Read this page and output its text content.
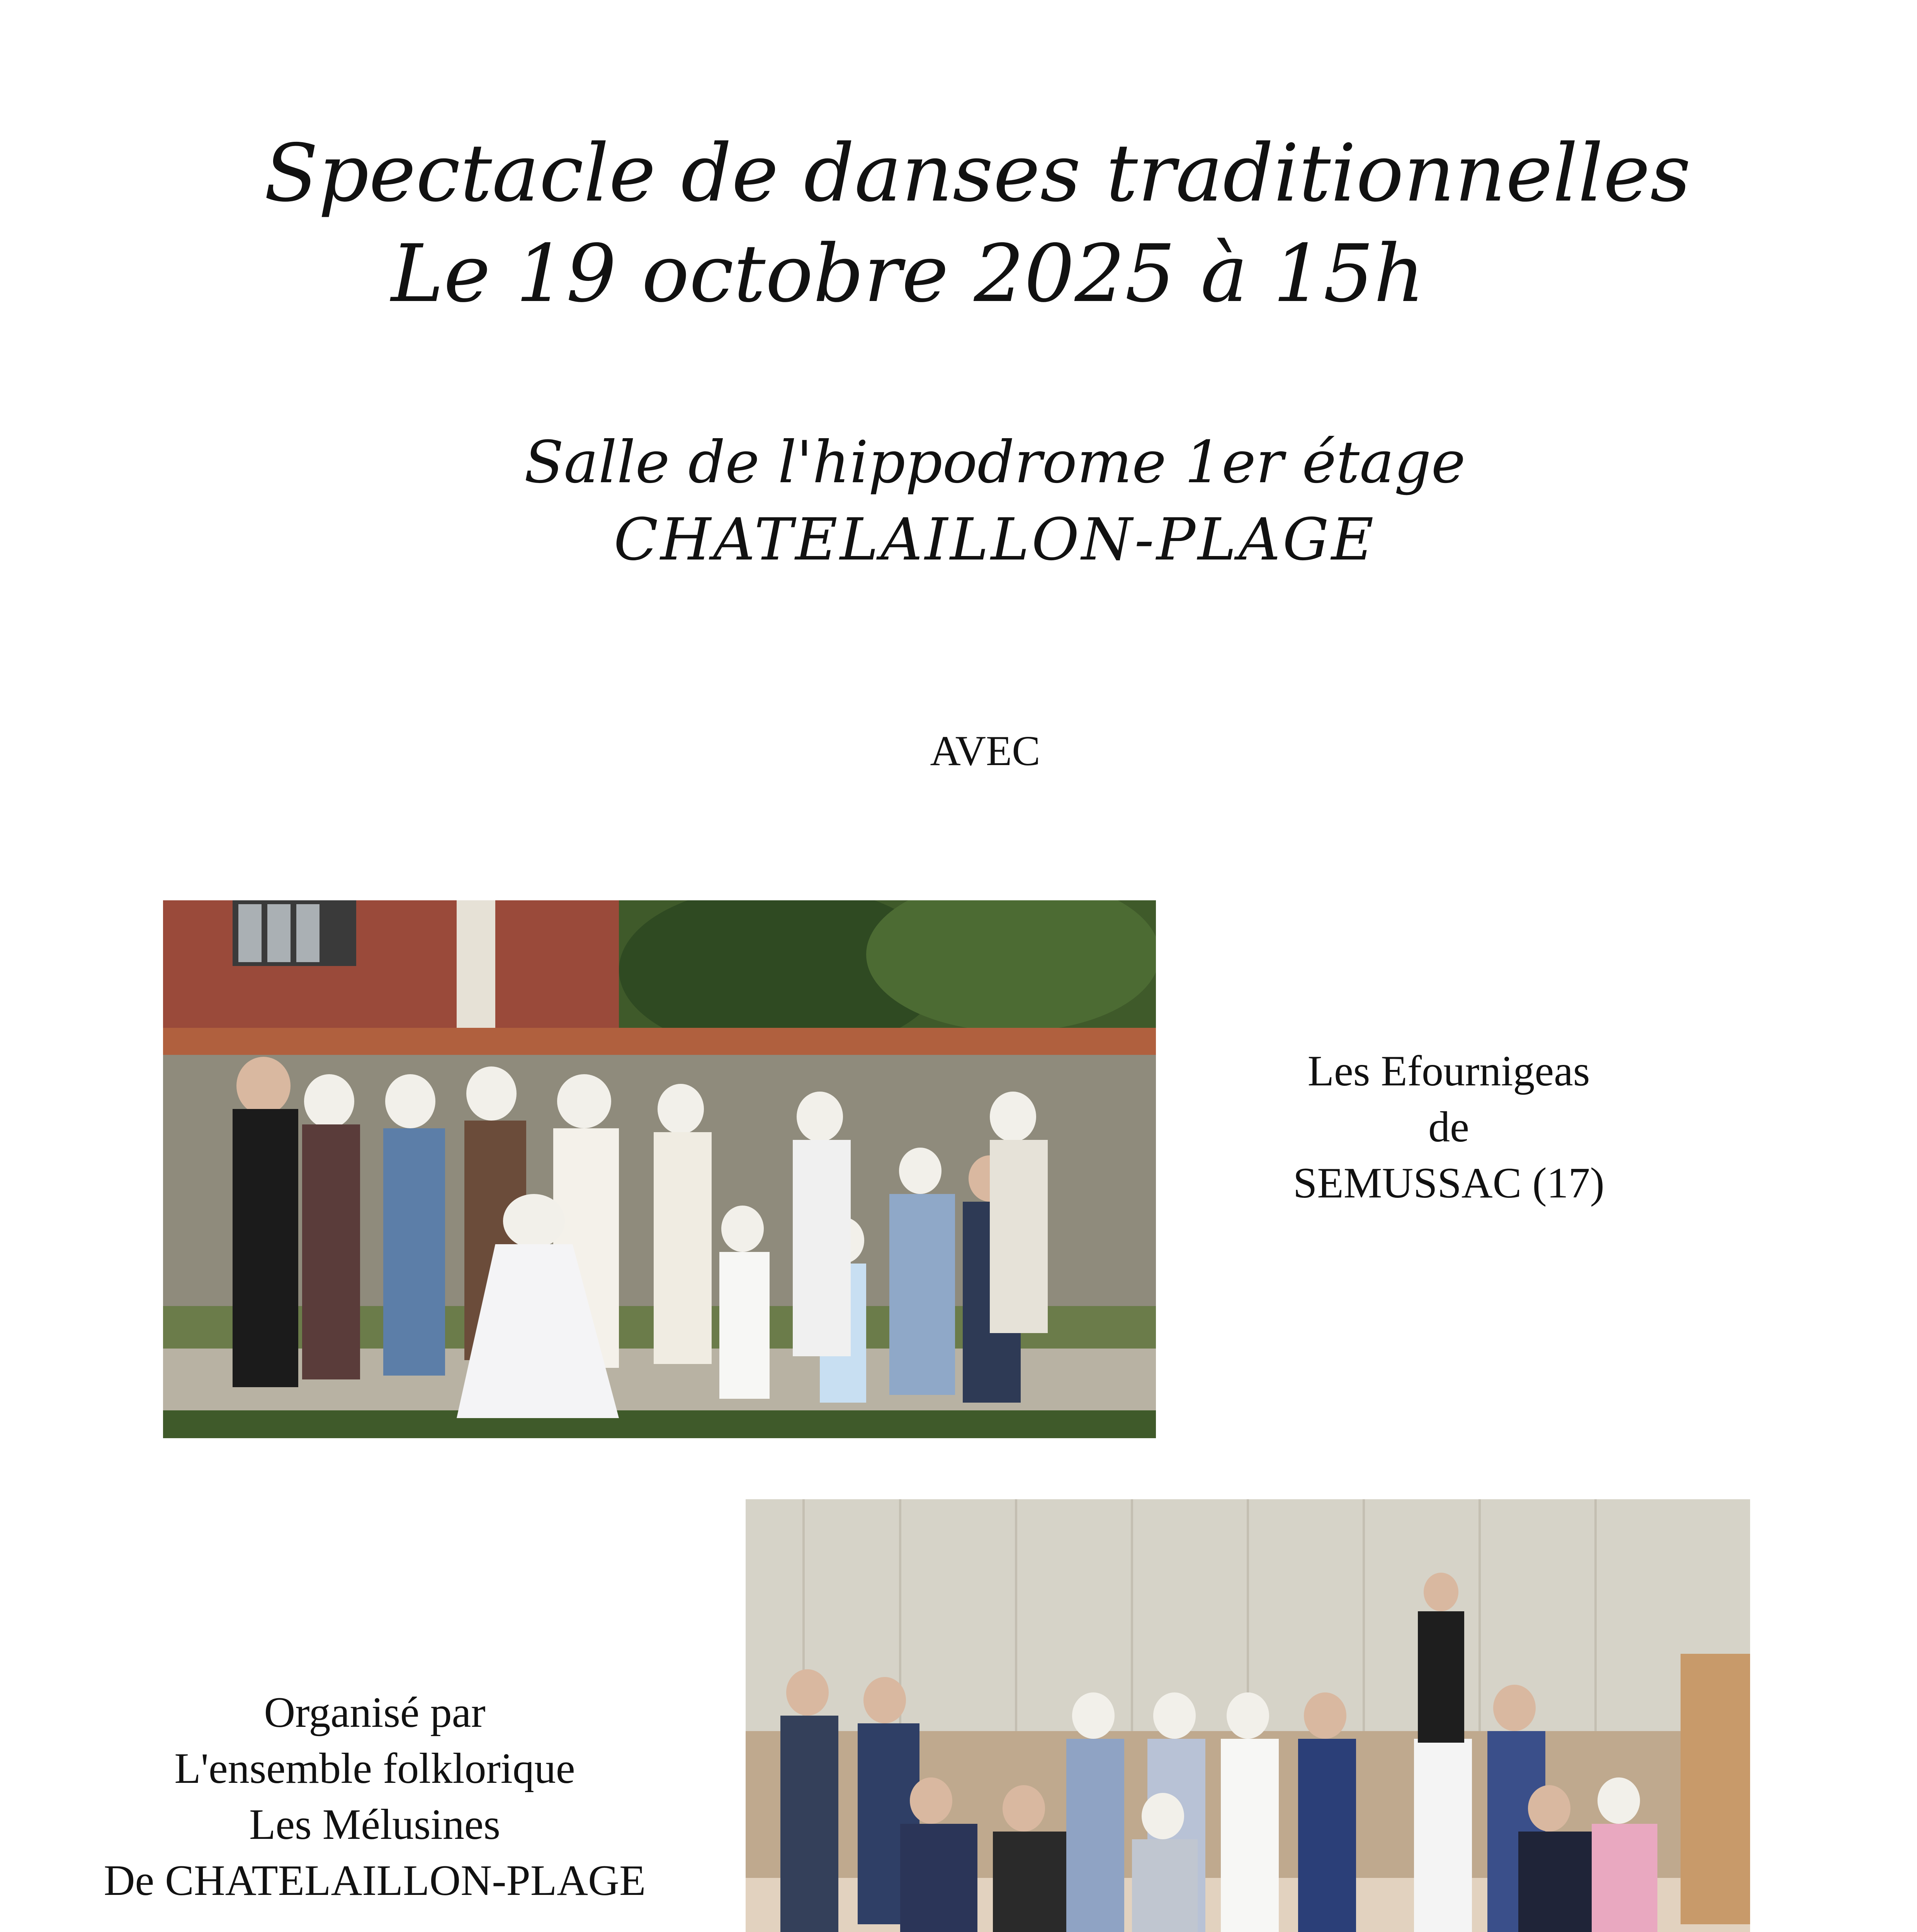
Spectacle de danses traditionnelles
Le 19 octobre 2025 à 15h
Salle de l'hippodrome 1er étage
CHATELAILLON-PLAGE
AVEC
Les Efournigeas
de
SEMUSSAC (17)
Organisé par
L'ensemble folklorique
Les Mélusines
De CHATELAILLON-PLAGE
